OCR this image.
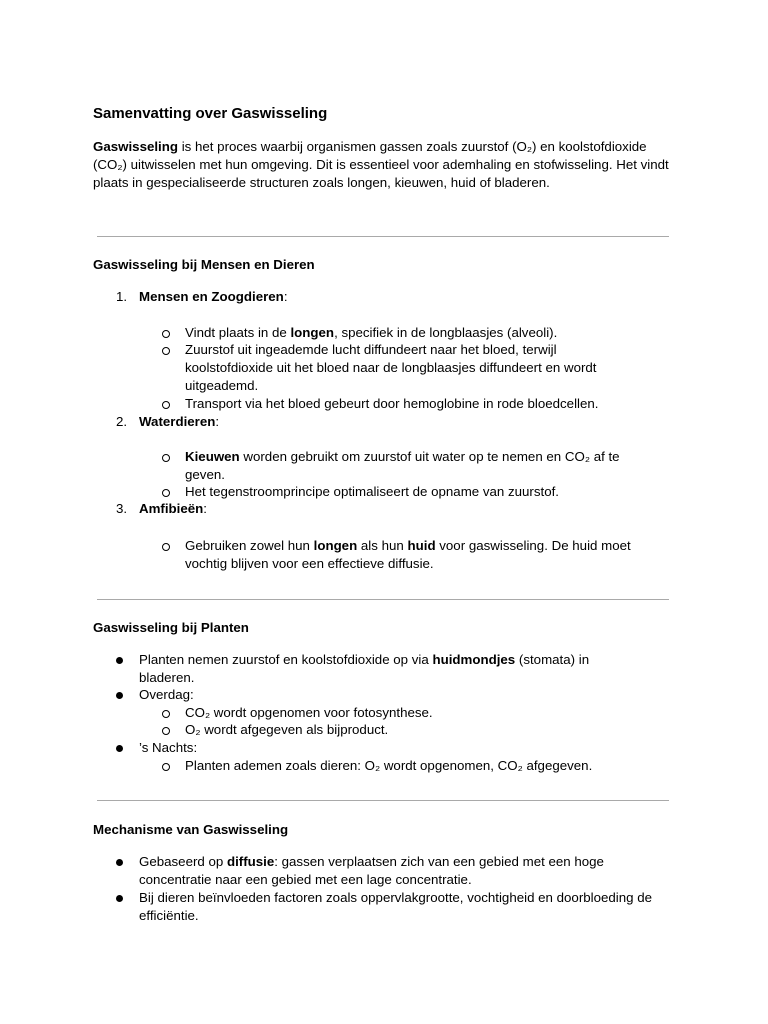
Samenvatting over Gaswisseling

Gaswisseling is het proces waarbij organismen gassen zoals zuurstof (O₂) en koolstofdioxide (CO₂) uitwisselen met hun omgeving. Dit is essentieel voor ademhaling en stofwisseling. Het vindt plaats in gespecialiseerde structuren zoals longen, kieuwen, huid of bladeren.

Gaswisseling bij Mensen en Dieren
1. Mensen en Zoogdieren:
Vindt plaats in de longen, specifiek in de longblaasjes (alveoli).
Zuurstof uit ingeademde lucht diffundeert naar het bloed, terwijl koolstofdioxide uit het bloed naar de longblaasjes diffundeert en wordt uitgeademd.
Transport via het bloed gebeurt door hemoglobine in rode bloedcellen.
2. Waterdieren:
Kieuwen worden gebruikt om zuurstof uit water op te nemen en CO₂ af te geven.
Het tegenstroomprincipe optimaliseert de opname van zuurstof.
3. Amfibieën:
Gebruiken zowel hun longen als hun huid voor gaswisseling. De huid moet vochtig blijven voor een effectieve diffusie.
Gaswisseling bij Planten
Planten nemen zuurstof en koolstofdioxide op via huidmondjes (stomata) in bladeren.
Overdag:
CO₂ wordt opgenomen voor fotosynthese.
O₂ wordt afgegeven als bijproduct.
’s Nachts:
Planten ademen zoals dieren: O₂ wordt opgenomen, CO₂ afgegeven.
Mechanisme van Gaswisseling
Gebaseerd op diffusie: gassen verplaatsen zich van een gebied met een hoge concentratie naar een gebied met een lage concentratie.
Bij dieren beïnvloeden factoren zoals oppervlakgrootte, vochtigheid en doorbloeding de efficiëntie.
